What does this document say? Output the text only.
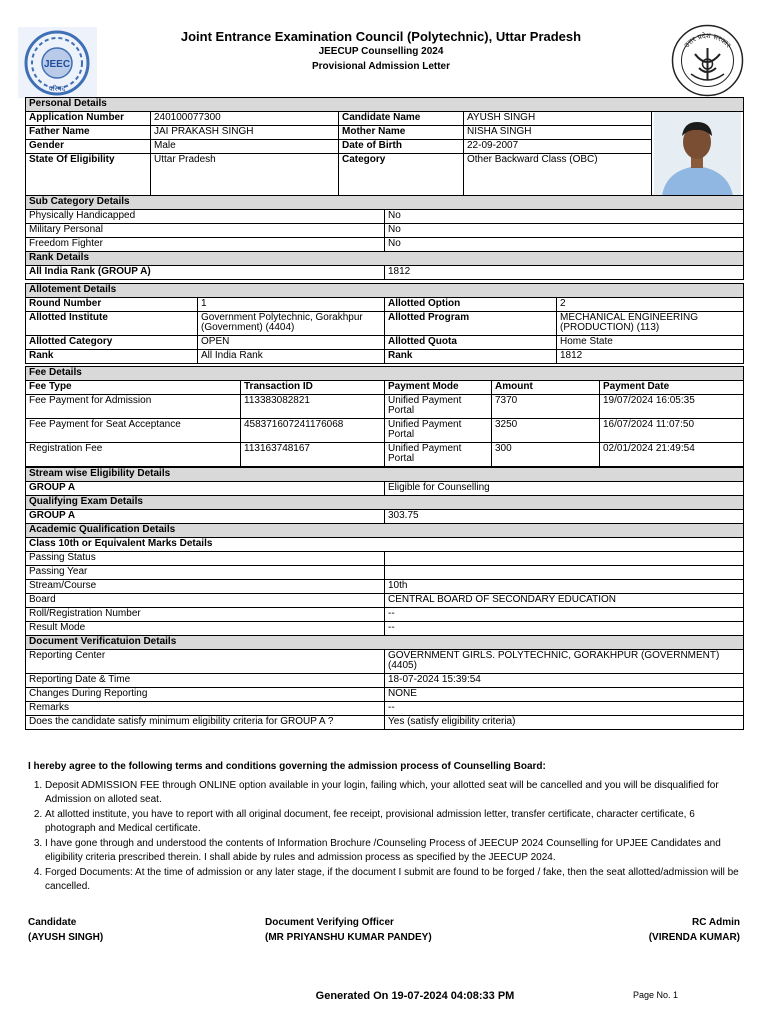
JEEC
परिषद
Joint Entrance Examination Council (Polytechnic), Uttar Pradesh
JEECUP Counselling 2024
Provisional Admission Letter
उत्तर प्रदेश सरकार
Personal Details				
Application Number	240100077300	Candidate Name	AYUSH SINGH	

Father Name	JAI PRAKASH SINGH	Mother Name	NISHA SINGH	
Gender	Male	Date of Birth	22-09-2007	
State Of Eligibility	Uttar Pradesh	Category	Other Backward Class (OBC)	
Sub Category Details	
Physically Handicapped	No
Military Personal	No
Freedom Fighter	No
Rank Details	
All India Rank (GROUP A)	1812
Allotement Details			
Round Number	1	Allotted Option	2
Allotted Institute	Government Polytechnic, Gorakhpur (Government) (4404)	Allotted Program	MECHANICAL ENGINEERING (PRODUCTION) (113)
Allotted Category	OPEN	Allotted Quota	Home State
Rank	All India Rank	Rank	1812
Fee Details				
Fee Type	Transaction ID	Payment Mode	Amount	Payment Date
Fee Payment for Admission	113383082821	Unified Payment Portal	7370	19/07/2024 16:05:35
Fee Payment for Seat Acceptance	458371607241176068	Unified Payment Portal	3250	16/07/2024 11:07:50
Registration Fee	113163748167	Unified Payment Portal	300	02/01/2024 21:49:54
Stream wise Eligibility Details	
GROUP A	Eligible for Counselling
Qualifying Exam Details	
GROUP A	303.75
Academic Qualification Details	
Class 10th or Equivalent Marks Details	
Passing Status	
Passing Year	
Stream/Course	10th
Board	CENTRAL BOARD OF SECONDARY EDUCATION
Roll/Registration Number	--
Result Mode	--
Document Verificatuion Details	
Reporting Center	GOVERNMENT GIRLS. POLYTECHNIC, GORAKHPUR (GOVERNMENT) (4405)
Reporting Date & Time	18-07-2024 15:39:54
Changes During Reporting	NONE
Remarks	--
Does the candidate satisfy minimum eligibility criteria for GROUP A ?	Yes (satisfy eligibility criteria)
I hereby agree to the following terms and conditions governing the admission process of Counselling Board:
1. Deposit ADMISSION FEE through ONLINE option available in your login, failing which, your allotted seat will be cancelled and you will be disqualified for Admission on alloted seat.
2. At allotted institute, you have to report with all original document, fee receipt, provisional admission letter, transfer certificate, character certificate, 6 photograph and Medical certificate.
3. I have gone through and understood the contents of Information Brochure /Counseling Process of JEECUP 2024 Counselling for UPJEE Candidates and eligibility criteria prescribed therein. I shall abide by rules and admission process as specified by the JEECUP 2024.
4. Forged Documents: At the time of admission or any later stage, if the document I submit are found to be forged / fake, then the seat allotted/admission will be cancelled.
Candidate
(AYUSH SINGH)
Document Verifying Officer
(MR PRIYANSHU KUMAR PANDEY)
RC Admin
(VIRENDA KUMAR)
Generated On 19-07-2024 04:08:33 PM	Page No. 1
